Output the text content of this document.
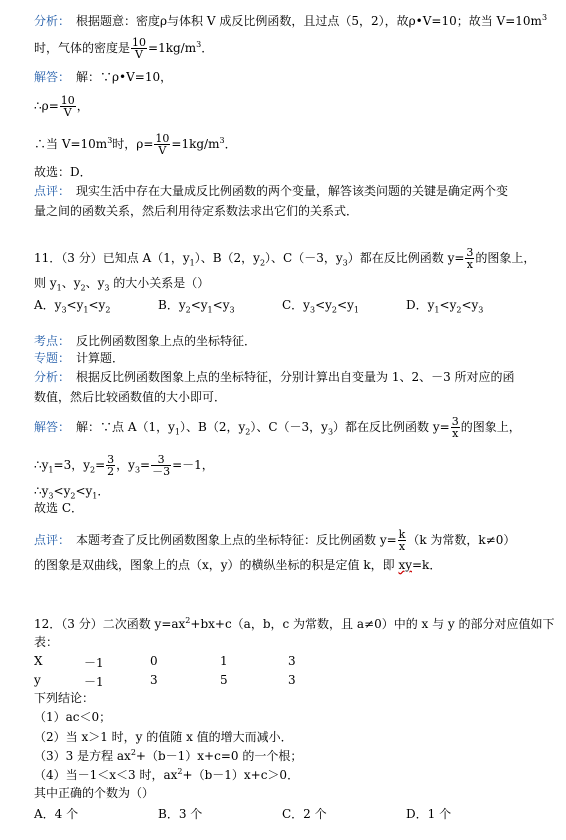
分析： 根据题意：密度ρ与体积 V 成反比例函数，且过点（5，2），故ρ•V=10；故当 $V=10m^3$
时，气体的密度是 $\frac{10}{V} =1kg/m^3$．
解答： 解：∵ρ•V=10，
∴ρ= $\frac{10}{V}$ ，
∴当 $V=10m^3$时，$\rho= \frac{10}{V} =1kg/m^3$．
故选：D．
点评： 现实生活中存在大量成反比例函数的两个变量，解答该类问题的关键是确定两个变
量之间的函数关系，然后利用待定系数法求出它们的关系式．
11．（3 分）已知点 A（1，$y_1$）、B（2，$y_2$）、C（－3，$y_3$）都在反比例函数 $y= \frac{3}{x}$ 的图象上，
则 $y_1$、$y_2$、$y_3$ 的大小关系是（）
A．$y_3<y_1<y_2$	B．$y_2<y_1<y_3$	C．$y_3<y_2<y_1$	D．$y_1<y_2<y_3$
考点： 反比例函数图象上点的坐标特征．
专题： 计算题．
分析： 根据反比例函数图象上点的坐标特征，分别计算出自变量为 1、2、－3 所对应的函
数值，然后比较函数值的大小即可．
解答： 解：∵点 A（1，$y_1$）、B（2，$y_2$）、C（－3，$y_3$）都在反比例函数 $y= \frac{3}{x}$ 的图象上，
$\therefore y_1=3$，$y_2= \frac{3}{2}$ ，$y_3= \frac{3}{-3} =-1$，
$\therefore y_3<y_2<y_1$．
故选 C．
点评： 本题考查了反比例函数图象上点的坐标特征：反比例函数 $y= \frac{k}{x} (k$ 为常数，k≠0）
的图象是双曲线，图象上的点（x，y）的横纵坐标的积是定值 k，即 xy=k．
12．（3 分）二次函数 $y=ax^2+bx+c(a$，b，c 为常数，且 a≠0）中的 x 与 y 的部分对应值如下
表：
X	－1	0	1	3
y	－1	3	5	3
下列结论：
（1）ac＜0；
（2）当 x＞1 时，y 的值随 x 值的增大而减小．
（3）3 是方程 $ax^2+(b-1)x+c=0$ 的一个根；
（4）当－1＜x＜3 时，$ax^2+(b-1)x+c>0$．
其中正确的个数为（）
A．4 个	B．3 个	C．2 个	D．1 个
